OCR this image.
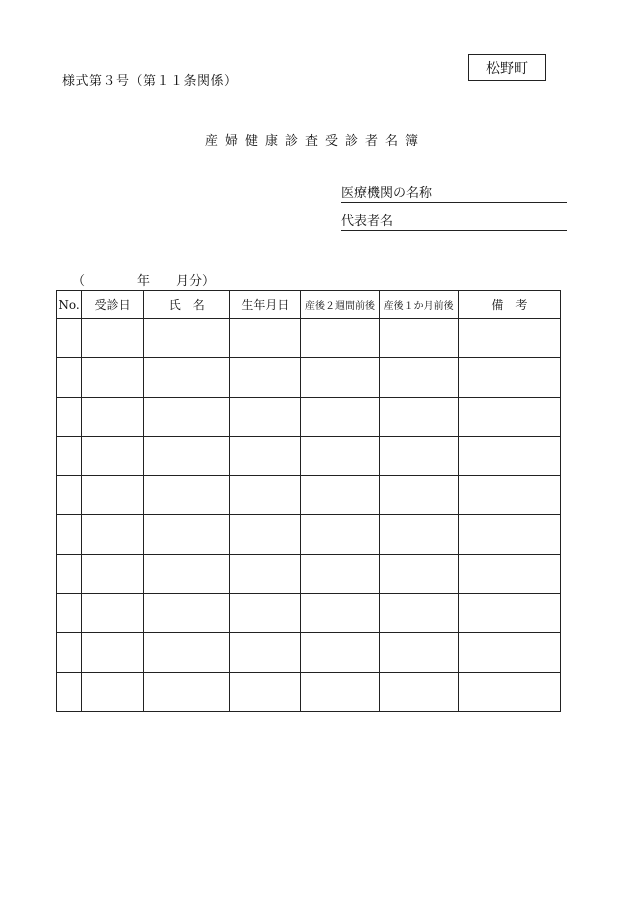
様式第３号（第１１条関係）
松野町
産婦健康診査受診者名簿
医療機関の名称
代表者名
（　　　　年　　月分）
No.	受診日	氏　名	生年月日	産後２週間前後	産後１か月前後	備　考
